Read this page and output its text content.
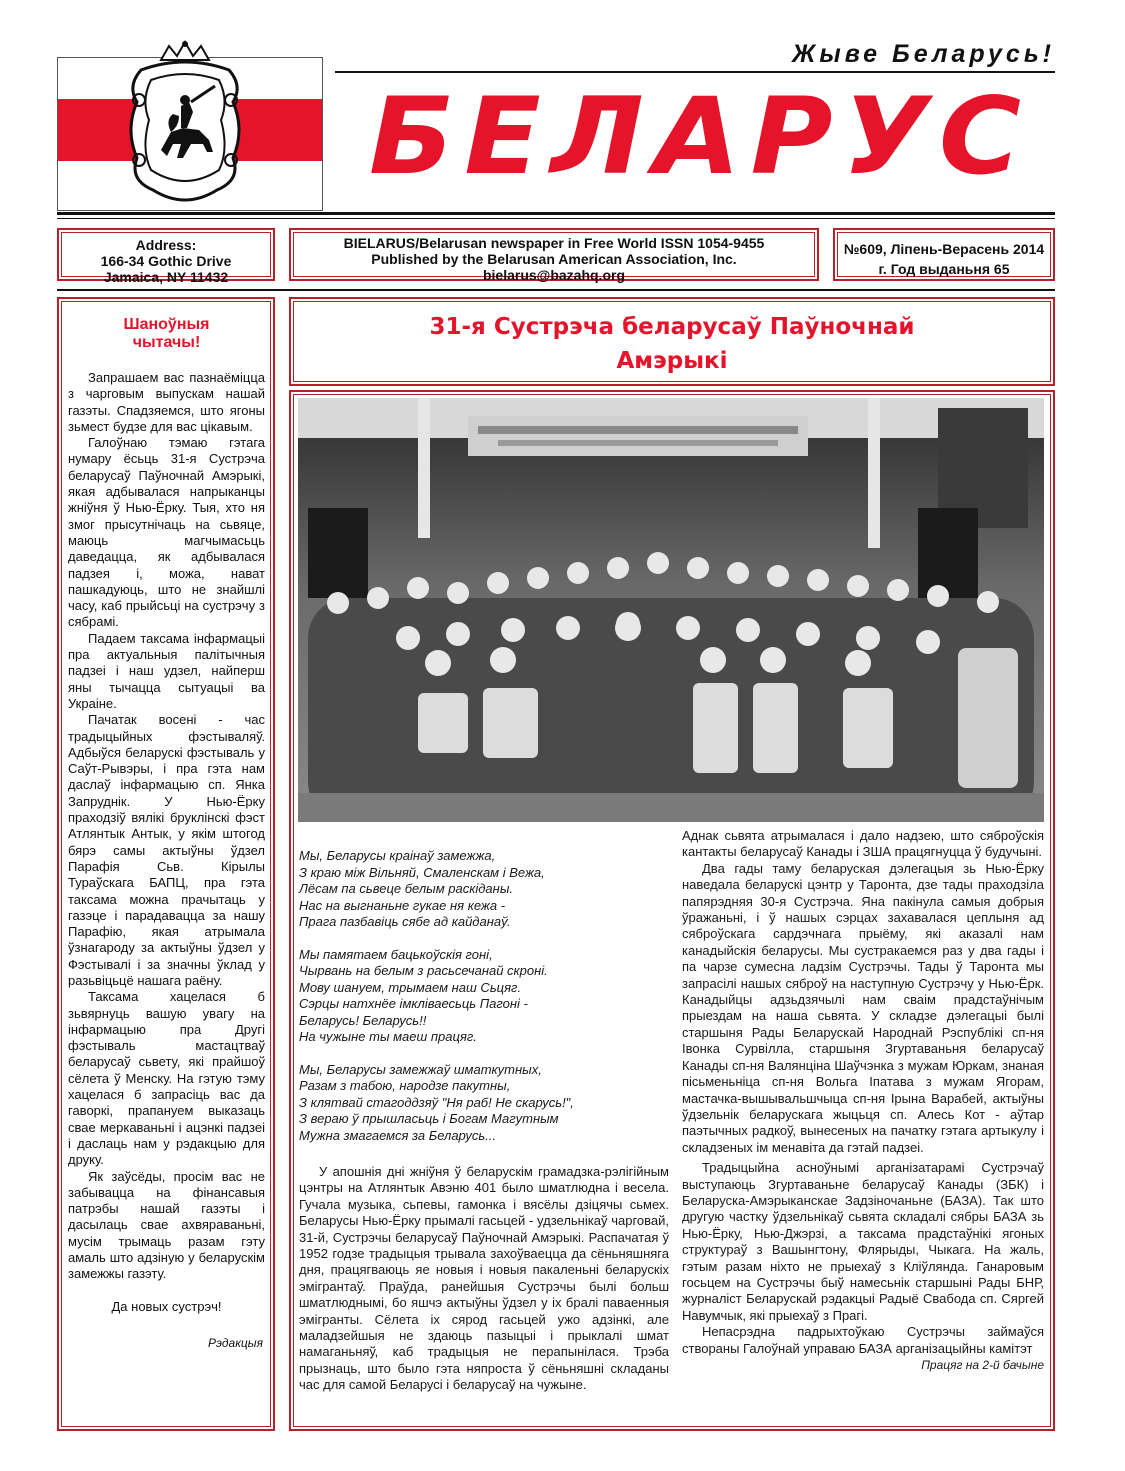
Жыве Беларусь!
БЕЛАРУС
Address:
166-34 Gothic Drive
Jamaica, NY 11432
BIELARUS/Belarusan newspaper in Free World ISSN 1054-9455
Published by the Belarusan American Association, Inc.
bielarus@bazahq.org
№609, Ліпень-Верасень 2014
г. Год выданьня 65
Шаноўныя чытачы!

Запрашаем вас пазнаёміцца з чарговым выпускам нашай газэты. Спадзяемся, што ягоны зьмест будзе для вас цікавым.

Галоўнаю тэмаю гэтага нумару ёсьць 31-я Сустрэча беларусаў Паўночнай Амэрыкі, якая адбывалася напрыканцы жніўня ў Нью-Ёрку. Тыя, хто ня змог прысутнічаць на сьвяце, маюць магчымасьць даведацца, як адбывалася падзея і, можа, нават пашкадуюць, што не знайшлі часу, каб прыйсьці на сустрэчу з сябрамі.

Падаем таксама інфармацыі пра актуальныя палітычныя падзеі і наш удзел, найперш яны тычацца сытуацыі ва Украіне.

Пачатак восені - час традыцыйных фэстываляў. Адбыўся беларускі фэстываль у Саўт-Рывэры, і пра гэта нам даслаў інфармацыю сп. Янка Запруднік. У Нью-Ёрку праходзіў вялікі бруклінскі фэст Атлянтык Антык, у якім штогод бярэ самы актыўны ўдзел Парафія Сьв. Кірылы Тураўскага БАПЦ, пра гэта таксама можна прачытаць у газэце і парадавацца за нашу Парафію, якая атрымала ўзнагароду за актыўны ўдзел у Фэстывалі і за значны ўклад у разьвіцьцё нашага раёну.

Таксама хацелася б зьвярнуць вашую увагу на інфармацыю пра Другі фэстываль мастацтваў беларусаў сьвету, які прайшоў сёлета ў Менску. На гэтую тэму хацелася б запрасіць вас да гаворкі, прапануем выказаць свае меркаваньні і ацэнкі падзеі і даслаць нам у рэдакцыю для друку.

Як заўсёды, просім вас не забывацца на фінансавыя патрэбы нашай газэты і дасылаць свае ахвяраваньні, мусім трымаць разам гэту амаль што адзіную у беларускім замежжы газэту.

Да новых сустрэч!

Рэдакцыя

31-я Сустрэча беларусаў Паўночнай
Амэрыкі
Мы, Беларусы краінаў замежжа,
З краю між Вільняй, Смаленскам і Вежа,
Лёсам па сьвеце белым раскіданы.
Нас на выгнаньне гукае ня кежа -
Прага пазбавіць сябе ад кайданаў.
Мы памятаем бацькоўскія гоні,
Чырвань на белым з расьсечанай скроні.
Мову шануем, трымаем наш Сьцяг.
Сэрцы натхнёе імкліваесьць Пагоні -
Беларусь! Беларусь!!
На чужыне ты маеш працяг.
Мы, Беларусы замежжаў шматкутных,
Разам з табою, народзе пакутны,
З клятвай стагоддзяў "Ня раб! Не скарусь!",
З вераю ў прышласьць і Богам Магутным
Мужна змагаемся за Беларусь...

У апошнія дні жніўня ў беларускім грамадзка-рэлігійным цэнтры на Атлянтык Авэню 401 было шматлюдна і весела. Гучала музыка, сьпевы, гамонка і вясёлы дзіцячы сьмех. Беларусы Нью-Ёрку прымалі гасьцей - удзельнікаў чарговай, 31-й, Сустрэчы беларусаў Паўночнай Амэрыкі. Распачатая ў 1952 годзе традыцыя трывала захоўваецца да сёньняшняга дня, працягваюць яе новыя і новыя пакаленьні беларускіх эмігрантаў. Праўда, ранейшыя Сустрэчы былі больш шматлюднымі, бо яшчэ актыўны ўдзел у іх бралі паваенныя эмігранты. Сёлета іх сярод гасьцей ужо адзінкі, але маладзейшыя не здаюць пазыцыі і прыклалі шмат намаганьняў, каб традыцыя не перапынілася. Трэба прызнаць, што было гэта няпроста ў сёньняшні складаны час для самой Беларусі і беларусаў на чужыне.

Аднак сьвята атрымалася і дало надзею, што сяброўскія кантакты беларусаў Канады і ЗША працягнуцца ў будучыні.

Два гады таму беларуская дэлегацыя зь Нью-Ёрку наведала беларускі цэнтр у Таронта, дзе тады праходзіла папярэдняя 30-я Сустрэча. Яна пакінула самыя добрыя ўражаньні, і ў нашых сэрцах захавалася цеплыня ад сяброўскага сардэчнага прыёму, які аказалі нам канадыйскія беларусы. Мы сустракаемся раз у два гады і па чарзе сумесна ладзім Сустрэчы. Тады ў Таронта мы запрасілі нашых сяброў на наступную Сустрэчу у Нью-Ёрк. Канадыйцы адзьдзячылі нам сваім прадстаўнічым прыездам на наша сьвята. У складзе дэлегацыі былі старшыня Рады Беларускай Народнай Рэспублікі сп-ня Івонка Сурвілла, старшыня Згуртаваньня беларусаў Канады сп-ня Валянціна Шаўчэнка з мужам Юркам, знаная пісьменьніца сп-ня Вольга Іпатава з мужам Ягорам, мастачка-вышывальшчыца сп-ня Ірына Варабей, актыўны ўдзельнік беларускага жыцьця сп. Алесь Кот - аўтар паэтычных радкоў, вынесеных на пачатку гэтага артыкулу і складзеных ім менавіта да гэтай падзеі.

Традыцыйна асноўнымі арганізатарамі Сустрэчаў выступаюць Згуртаваньне беларусаў Канады (ЗБК) і Беларуска-Амэрыканскае Задзіночаньне (БАЗА). Так што другую частку ўдзельнікаў сьвята складалі сябры БАЗА зь Нью-Ёрку, Нью-Джэрзі, а таксама прадстаўнікі ягоных структураў з Вашынгтону, Флярыды, Чыкага. На жаль, гэтым разам ніхто не прыехаў з Кліўлянда. Ганаровым госьцем на Сустрэчы быў намесьнік старшыні Рады БНР, журналіст Беларускай рэдакцыі Радыё Свабода сп. Сяргей Навумчык, які прыехаў з Прагі.

Непасрэдна падрыхтоўкаю Сустрэчы займаўся створаны Галоўнай управаю БАЗА арганізацыйны камітэт

Працяг на 2-й бачыне
